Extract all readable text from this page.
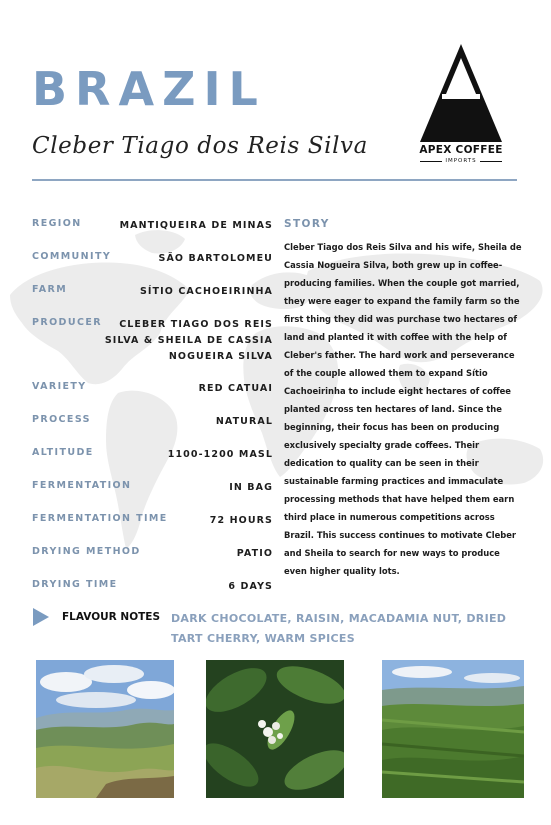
BRAZIL
Cleber Tiago dos Reis Silva	APEX COFFEE
IMPORTS
REGION	MANTIQUEIRA DE MINAS
COMMUNITY	SÃO BARTOLOMEU
FARM	SÍTIO CACHOEIRINHA
PRODUCER	CLEBER TIAGO DOS REIS
SILVA & SHEILA DE CASSIA
NOGUEIRA SILVA
VARIETY	RED CATUAI
PROCESS	NATURAL
ALTITUDE	1100-1200 MASL
FERMENTATION	IN BAG
FERMENTATION TIME	72 HOURS
DRYING METHOD	PATIO
DRYING TIME	6 DAYS
STORY

Cleber Tiago dos Reis Silva and his wife, Sheila de Cassia Nogueira Silva, both grew up in coffee-producing families. When the couple got married, they were eager to expand the family farm so the first thing they did was purchase two hectares of land and planted it with coffee with the help of Cleber's father. The hard work and perseverance of the couple allowed them to expand Sítio Cachoeirinha to include eight hectares of coffee planted across ten hectares of land. Since the beginning, their focus has been on producing exclusively specialty grade coffees. Their dedication to quality can be seen in their sustainable farming practices and immaculate processing methods that have helped them earn third place in numerous competitions across Brazil. This success continues to motivate Cleber and Sheila to search for new ways to produce even higher quality lots.

FLAVOUR NOTES DARK CHOCOLATE, RAISIN, MACADAMIA NUT, DRIED TART CHERRY, WARM SPICES
